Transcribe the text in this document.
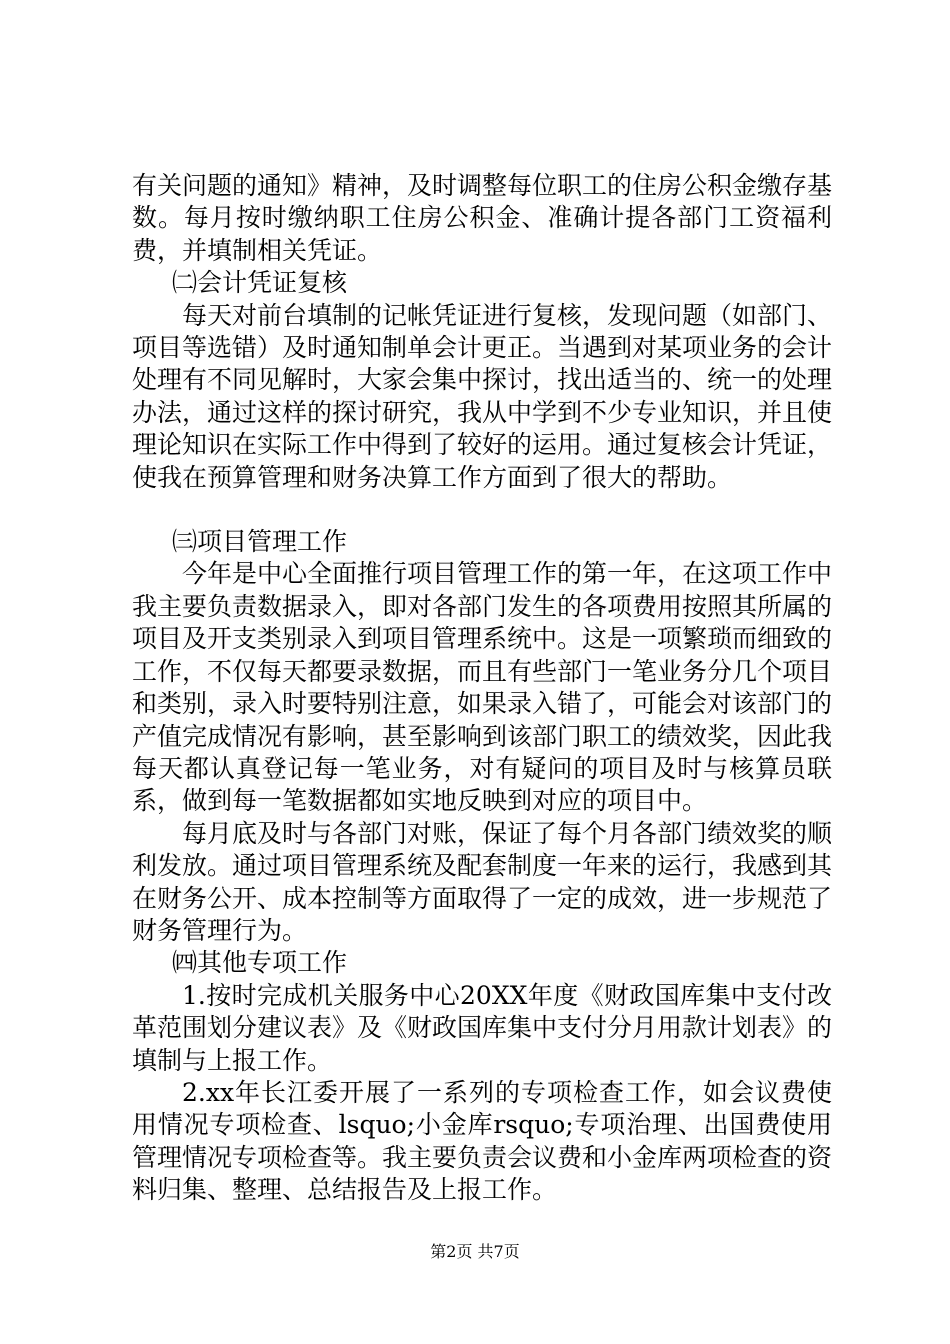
有关问题的通知》精神，及时调整每位职工的住房公积金缴存基数。每月按时缴纳职工住房公积金、准确计提各部门工资福利费，并填制相关凭证。

㈡会计凭证复核

每天对前台填制的记帐凭证进行复核，发现问题（如部门、项目等选错）及时通知制单会计更正。当遇到对某项业务的会计处理有不同见解时，大家会集中探讨，找出适当的、统一的处理办法，通过这样的探讨研究，我从中学到不少专业知识，并且使理论知识在实际工作中得到了较好的运用。通过复核会计凭证，使我在预算管理和财务决算工作方面到了很大的帮助。

㈢项目管理工作

今年是中心全面推行项目管理工作的第一年，在这项工作中我主要负责数据录入，即对各部门发生的各项费用按照其所属的项目及开支类别录入到项目管理系统中。这是一项繁琐而细致的工作，不仅每天都要录数据，而且有些部门一笔业务分几个项目和类别，录入时要特别注意，如果录入错了，可能会对该部门的产值完成情况有影响，甚至影响到该部门职工的绩效奖，因此我每天都认真登记每一笔业务，对有疑问的项目及时与核算员联系，做到每一笔数据都如实地反映到对应的项目中。

每月底及时与各部门对账，保证了每个月各部门绩效奖的顺利发放。通过项目管理系统及配套制度一年来的运行，我感到其在财务公开、成本控制等方面取得了一定的成效，进一步规范了财务管理行为。

㈣其他专项工作

1.按时完成机关服务中心20XX年度《财政国库集中支付改革范围划分建议表》及《财政国库集中支付分月用款计划表》的填制与上报工作。

2.xx年长江委开展了一系列的专项检查工作，如会议费使用情况专项检查、lsquo;小金库rsquo;专项治理、出国费使用管理情况专项检查等。我主要负责会议费和小金库两项检查的资料归集、整理、总结报告及上报工作。

第2页 共7页
